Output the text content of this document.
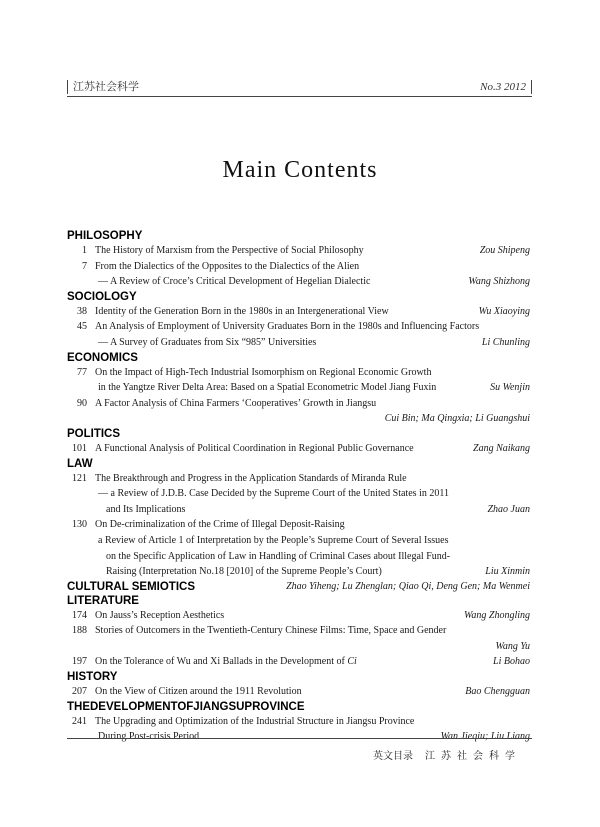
江苏社会科学	No.3 2012
Main Contents
PHILOSOPHY
1 The History of Marxism from the Perspective of Social Philosophy	Zou Shipeng
7 From the Dialectics of the Opposites to the Dialectics of the Alien
— A Review of Croce’s Critical Development of Hegelian Dialectic	Wang Shizhong
SOCIOLOGY
38 Identity of the Generation Born in the 1980s in an Intergenerational View	Wu Xiaoying
45 An Analysis of Employment of University Graduates Born in the 1980s and Influencing Factors
— A Survey of Graduates from Six “985” Universities	Li Chunling
ECONOMICS
77 On the Impact of High-Tech Industrial Isomorphism on Regional Economic Growth
in the Yangtze River Delta Area: Based on a Spatial Econometric Model Jiang Fuxin	Su Wenjin
90 A Factor Analysis of China Farmers ‘Cooperatives’ Growth in Jiangsu
Cui Bin; Ma Qingxia; Li Guangshui
POLITICS
101 A Functional Analysis of Political Coordination in Regional Public Governance	Zang Naikang
LAW
121 The Breakthrough and Progress in the Application Standards of Miranda Rule
— a Review of J.D.B. Case Decided by the Supreme Court of the United States in 2011
and Its Implications	Zhao Juan
130 On De-criminalization of the Crime of Illegal Deposit-Raising
a Review of Article 1 of Interpretation by the People’s Supreme Court of Several Issues
on the Specific Application of Law in Handling of Criminal Cases about Illegal Fund-
Raising (Interpretation No.18 [2010] of the Supreme People’s Court)	Liu Xinmin
CULTURAL SEMIOTICS	Zhao Yiheng; Lu Zhenglan; Qiao Qi, Deng Gen; Ma Wenmei
LITERATURE
174 On Jauss’s Reception Aesthetics	Wang Zhongling
188 Stories of Outcomers in the Twentieth-Century Chinese Films: Time, Space and Gender
Wang Yu
197 On the Tolerance of Wu and Xi Ballads in the Development of Ci	Li Bohao
HISTORY
207 On the View of Citizen around the 1911 Revolution	Bao Chengguan
THEDEVELOPMENTOFJIANGSUPROVINCE
241 The Upgrading and Optimization of the Industrial Structure in Jiangsu Province
During Post-crisis Period	Wan Jieqiu; Liu Liang
英文目录 江苏社会科学
